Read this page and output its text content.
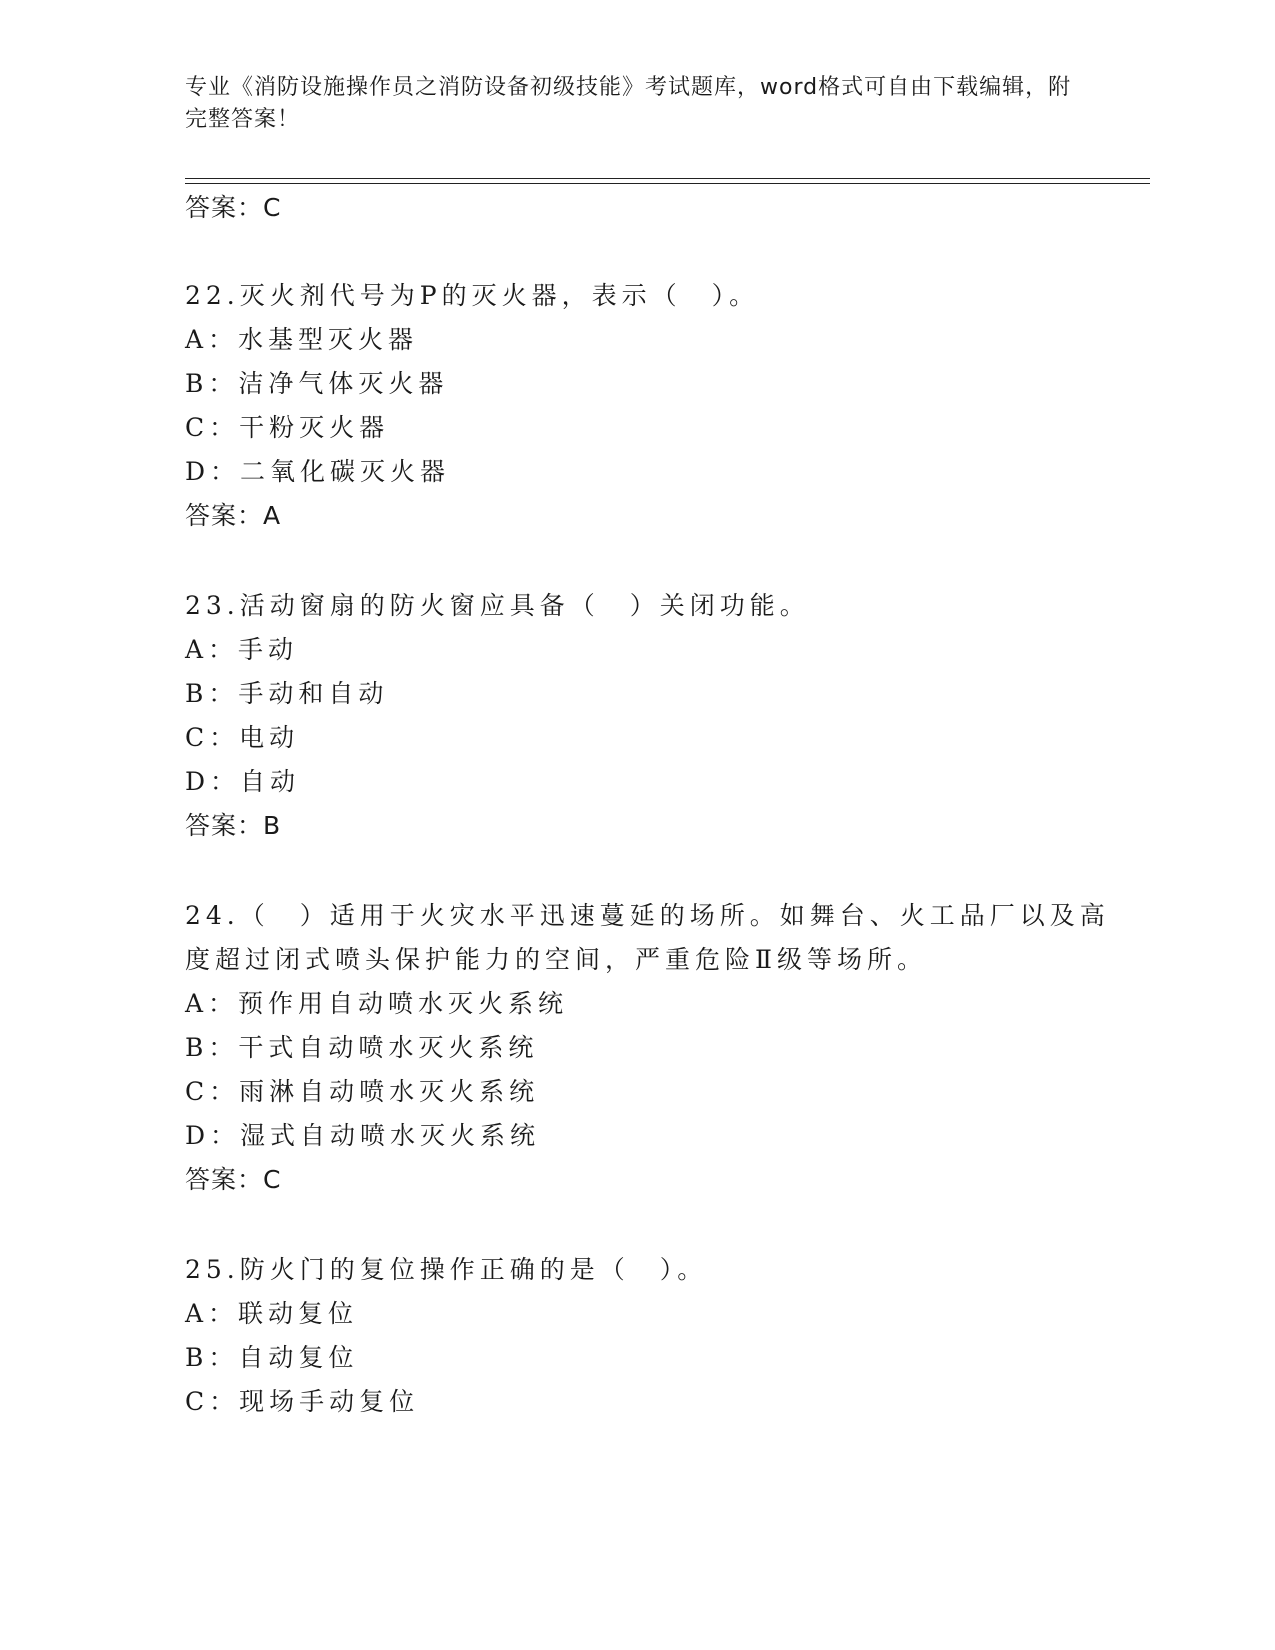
专业《消防设施操作员之消防设备初级技能》考试题库，word格式可自由下载编辑，附完整答案！
答案：C
22.灭火剂代号为P的灭火器，表示（　）。
A：水基型灭火器
B：洁净气体灭火器
C：干粉灭火器
D：二氧化碳灭火器
答案：A
23.活动窗扇的防火窗应具备（　）关闭功能。
A：手动
B：手动和自动
C：电动
D：自动
答案：B
24.（　）适用于火灾水平迅速蔓延的场所。如舞台、火工品厂以及高
度超过闭式喷头保护能力的空间，严重危险Ⅱ级等场所。
A：预作用自动喷水灭火系统
B：干式自动喷水灭火系统
C：雨淋自动喷水灭火系统
D：湿式自动喷水灭火系统
答案：C
25.防火门的复位操作正确的是（　）。
A：联动复位
B：自动复位
C：现场手动复位
